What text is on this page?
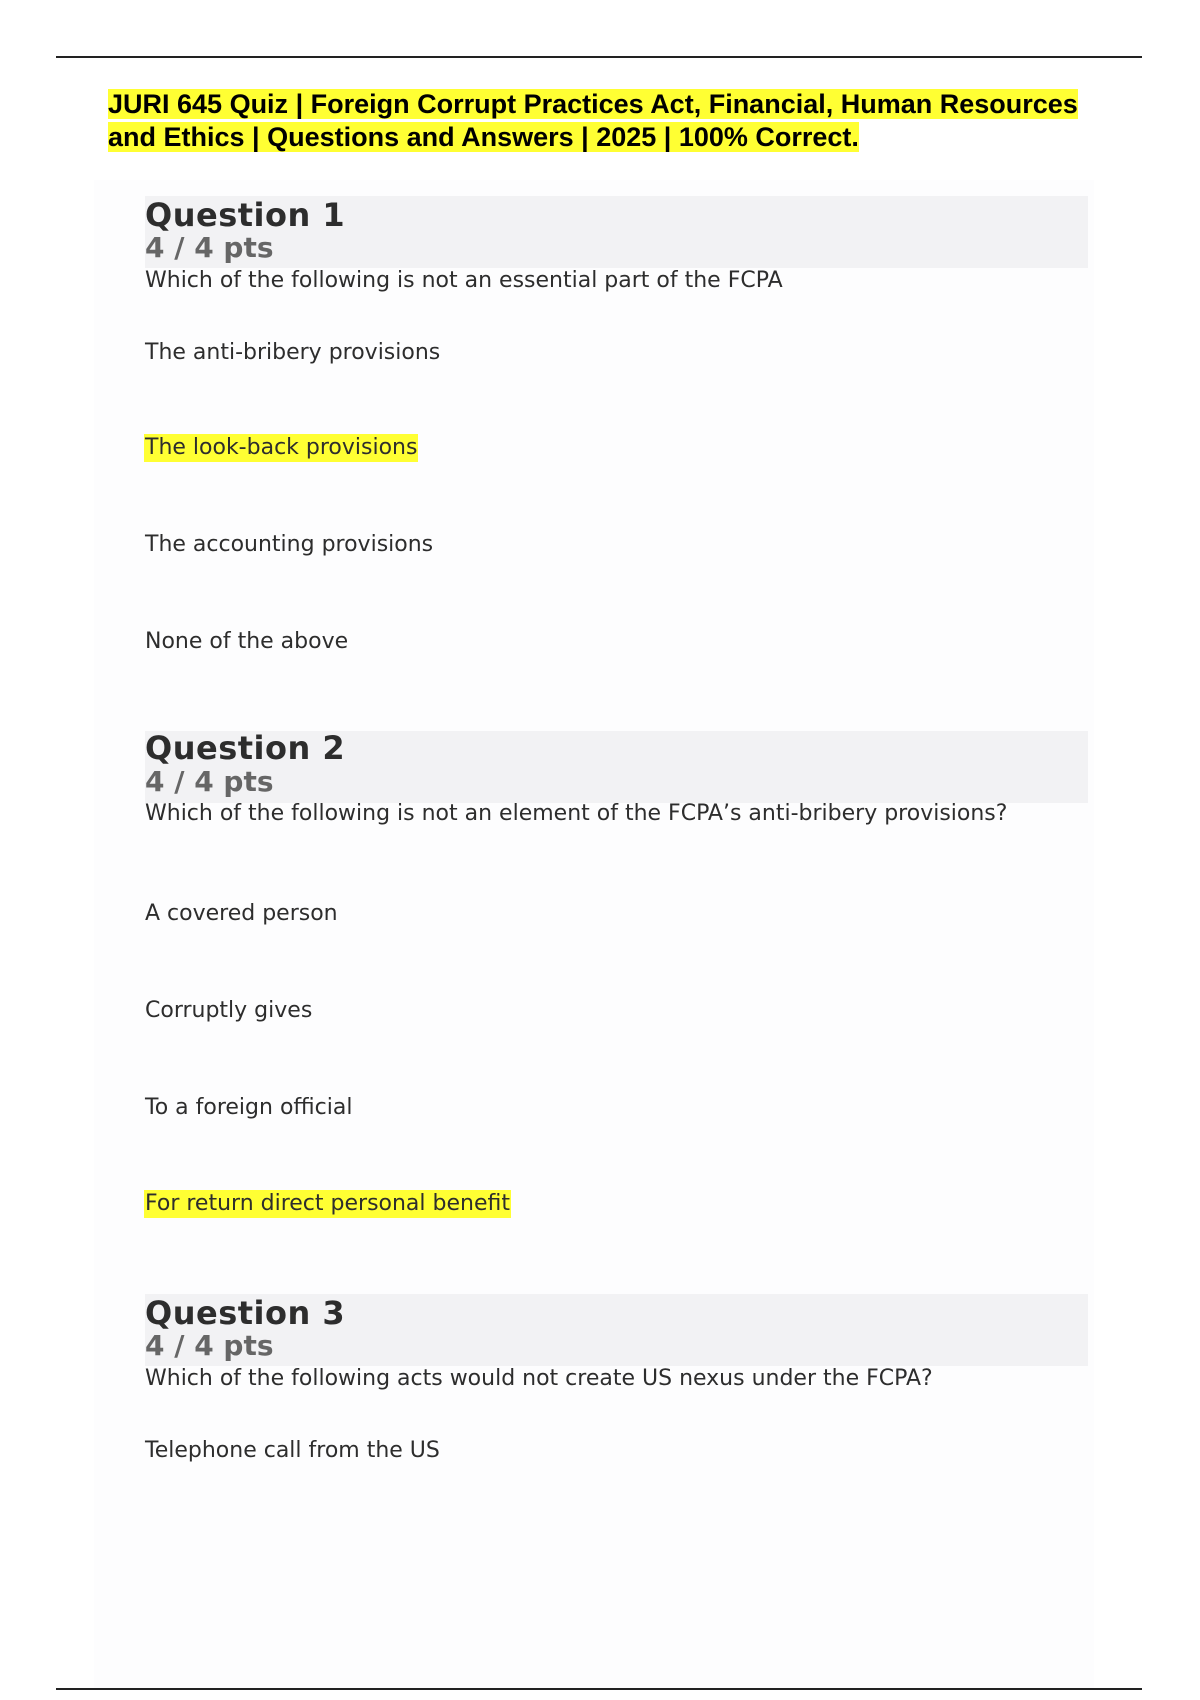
JURI 645 Quiz | Foreign Corrupt Practices Act, Financial, Human Resources and Ethics | Questions and Answers | 2025 | 100% Correct.
Question 1
4 / 4 pts
Which of the following is not an essential part of the FCPA
The anti-bribery provisions
The look-back provisions
The accounting provisions
None of the above
Question 2
4 / 4 pts
Which of the following is not an element of the FCPA’s anti-bribery provisions?
A covered person
Corruptly gives
To a foreign official
For return direct personal benefit
Question 3
4 / 4 pts
Which of the following acts would not create US nexus under the FCPA?
Telephone call from the US
